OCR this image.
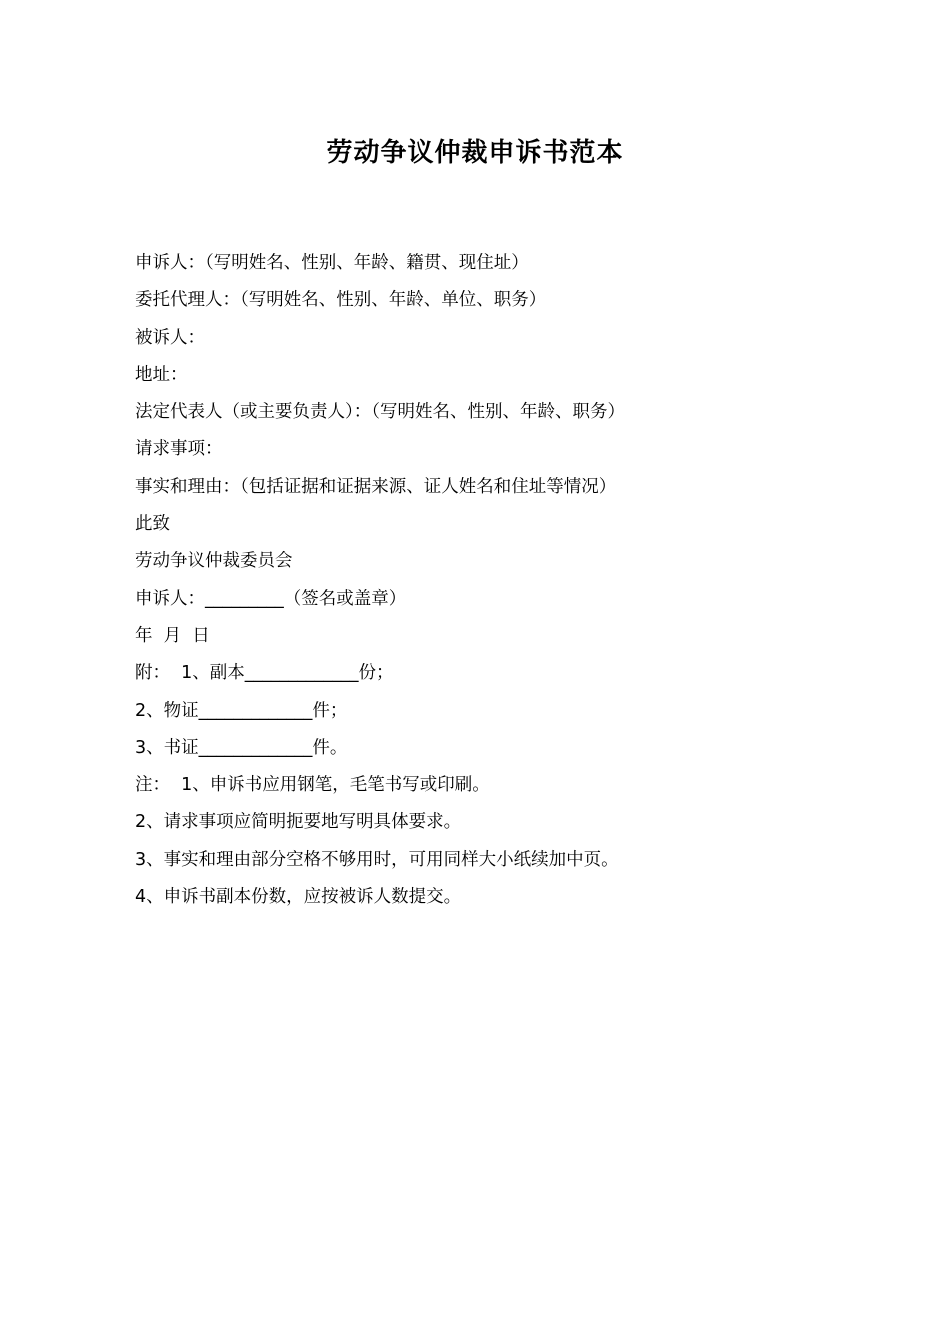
劳动争议仲裁申诉书范本
申诉人：（写明姓名、性别、年龄、籍贯、现住址）
委托代理人：（写明姓名、性别、年龄、单位、职务）
被诉人：
地址：
法定代表人（或主要负责人）：（写明姓名、性别、年龄、职务）
请求事项：
事实和理由：（包括证据和证据来源、证人姓名和住址等情况）
此致
劳动争议仲裁委员会
申诉人：_________（签名或盖章）
年  月  日
附：  1、副本_____________份；
2、物证_____________件；
3、书证_____________件。
注：  1、申诉书应用钢笔，毛笔书写或印刷。
2、请求事项应简明扼要地写明具体要求。
3、事实和理由部分空格不够用时，可用同样大小纸续加中页。
4、申诉书副本份数，应按被诉人数提交。
